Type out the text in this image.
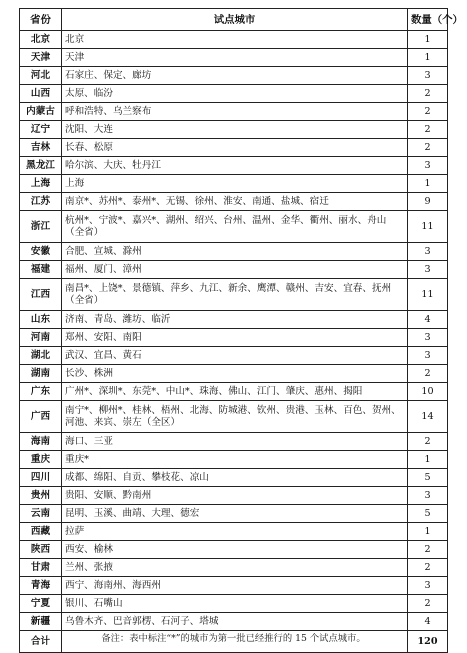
省份	试点城市	数量（个）
北京	北京	1
天津	天津	1
河北	石家庄、保定、廊坊	3
山西	太原、临汾	2
内蒙古	呼和浩特、乌兰察布	2
辽宁	沈阳、大连	2
吉林	长春、松原	2
黑龙江	哈尔滨、大庆、牡丹江	3
上海	上海	1
江苏	南京*、苏州*、泰州*、无锡、徐州、淮安、南通、盐城、宿迁	9
浙江	杭州*、宁波*、嘉兴*、湖州、绍兴、台州、温州、金华、衢州、丽水、舟山（全省）	11
安徽	合肥、宣城、滁州	3
福建	福州、厦门、漳州	3
江西	南昌*、上饶*、景德镇、萍乡、九江、新余、鹰潭、赣州、吉安、宜春、抚州（全省）	11
山东	济南、青岛、潍坊、临沂	4
河南	郑州、安阳、南阳	3
湖北	武汉、宜昌、黄石	3
湖南	长沙、株洲	2
广东	广州*、深圳*、东莞*、中山*、珠海、佛山、江门、肇庆、惠州、揭阳	10
广西	南宁*、柳州*、桂林、梧州、北海、防城港、钦州、贵港、玉林、百色、贺州、河池、来宾、崇左（全区）	14
海南	海口、三亚	2
重庆	重庆*	1
四川	成都、绵阳、自贡、攀枝花、凉山	5
贵州	贵阳、安顺、黔南州	3
云南	昆明、玉溪、曲靖、大理、德宏	5
西藏	拉萨	1
陕西	西安、榆林	2
甘肃	兰州、张掖	2
青海	西宁、海南州、海西州	3
宁夏	银川、石嘴山	2
新疆	乌鲁木齐、巴音郭楞、石河子、塔城	4
合计		120
备注：表中标注“*”的城市为第一批已经推行的 15 个试点城市。
